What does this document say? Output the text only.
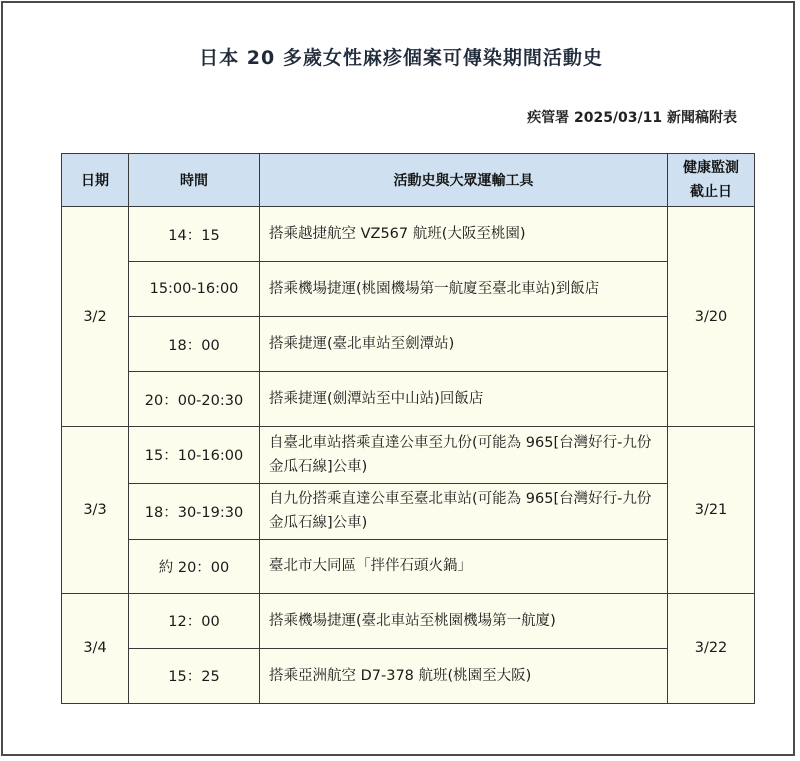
日本 20 多歲女性麻疹個案可傳染期間活動史
疾管署 2025/03/11 新聞稿附表
日期	時間	活動史與大眾運輸工具	健康監測
截止日

3/2	14：15	搭乘越捷航空 VZ567 航班(大阪至桃園)	3/20
	15:00-16:00	搭乘機場捷運(桃園機場第一航廈至臺北車站)到飯店	
	18：00	搭乘捷運(臺北車站至劍潭站)	
	20：00-20:30	搭乘捷運(劍潭站至中山站)回飯店	
3/3	15：10-16:00	自臺北車站搭乘直達公車至九份(可能為 965[台灣好行-九份金瓜石線]公車)	3/21
	18：30-19:30	自九份搭乘直達公車至臺北車站(可能為 965[台灣好行-九份金瓜石線]公車)	
	約 20：00	臺北市大同區「拌伴石頭火鍋」	
3/4	12：00	搭乘機場捷運(臺北車站至桃園機場第一航廈)	3/22
	15：25	搭乘亞洲航空 D7-378 航班(桃園至大阪)	
